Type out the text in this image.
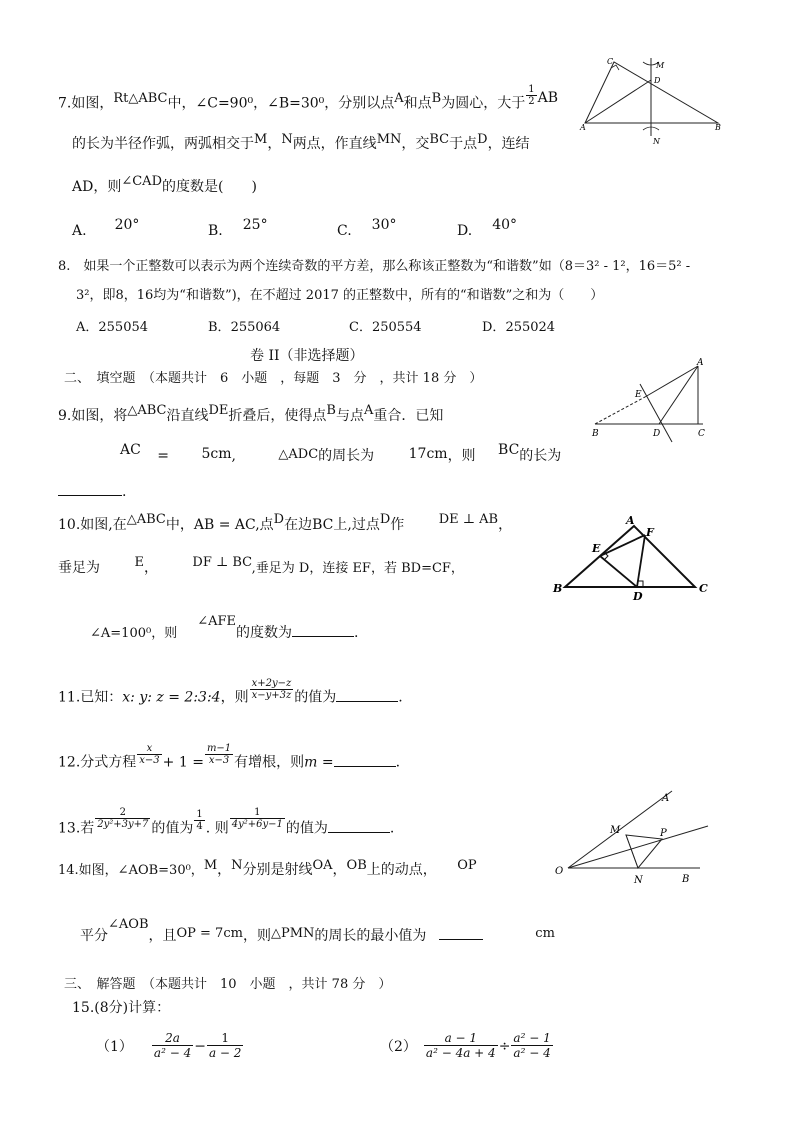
7.如图，Rt△ABC中，∠C=90⁰，∠B=30⁰，分别以点A和点B为圆心，大于 $\frac{1}{2}$ AB
的长为半径作弧，两弧相交于M，N两点，作直线MN，交BC于点D，连结
AD，则∠CAD的度数是(　　)
A. 20°	B. 25°	C. 30°	D. 40°
C	M
D
A	B
N
8.　如果一个正整数可以表示为两个连续奇数的平方差，那么称该正整数为“和谐数”如（8＝3² - 1²，16＝5² -
3²，即8，16均为“和谐数”)，在不超过 2017 的正整数中，所有的“和谐数”之和为（　　）
A．255054	B．255064	C．250554	D．255024
卷 II（非选择题）
二、　填空题　（本题共计　6　小题　，每题　3　分　，共计 18 分　）
9.如图，将△ABC沿直线DE折叠后，使得点B与点A重合．已知
AC = 5cm,	△ADC的周长为 17cm，则 BC的长为
.
A
E
B	D	C
10.如图,在△ABC中，AB = AC,点D在边BC上,过点D作	DE ⊥ AB，
垂足为	E，	DF ⊥ BC,垂足为 D，连接 EF，若 BD=CF，
∠A=100⁰，则∠AFE的度数为	.
A
F
E
B
D
C
11.已知：x: y: z = 2:3:4，则 $\frac{x+2y-z}{x-y+3z}$ 的值为	.
12.分式方程 $\frac{x}{x-3} + 1 = \frac{m-1}{x-3}$ 有增根，则m =	.
13.若 $\frac{2}{\text{2y²+3y+7}}$ 的值为 $\frac{1}{4}$ . 则 $\frac{1}{\text{4y²+6y−1}}$ 的值为	.
14.如图，∠AOB=30⁰，M，N分别是射线OA，OB上的动点， OP
平分∠AOB，且OP = 7cm，则△PMN的周长的最小值为	cm
A
M	P
O
N	B
三、　解答题　（本题共计　10　小题　，共计 78 分　）
15.(8分)计算：
$(1) \frac{2a}{\text{a² − 4}} - \frac{1}{a - 2}$	$(2) \frac{a - 1}{\text{a² − 4a + 4}} \div \frac{\text{a² − 1}}{\text{a² − 4}}$
